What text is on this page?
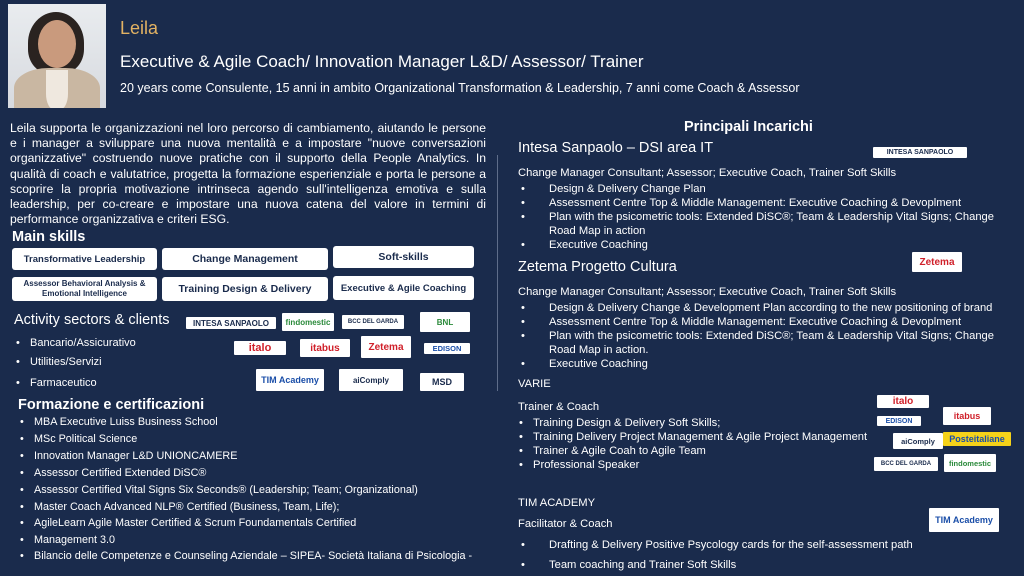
Leila
Executive & Agile Coach/ Innovation Manager L&D/ Assessor/ Trainer
20 years come Consulente, 15 anni in ambito Organizational Transformation & Leadership, 7 anni come Coach & Assessor
Leila supporta le organizzazioni nel loro percorso di cambiamento, aiutando le persone e i manager a sviluppare una nuova mentalità e a impostare "nuove conversazioni organizzative" costruendo nuove pratiche con il supporto della People Analytics. In qualità di coach e valutatrice, progetta la formazione esperienziale e porta le persone a scoprire la propria motivazione intrinseca agendo sull'intelligenza emotiva e sulla leadership, per co-creare e impostare una nuova catena del valore in termini di performance organizzativa e criteri ESG.
Main skills
Transformative Leadership	Change Management	Soft-skills
Assessor Behavioral Analysis & Emotional Intelligence	Training Design & Delivery	Executive & Agile Coaching
Activity sectors & clients
• Bancario/Assicurativo
• Utilities/Servizi
• Farmaceutico
INTESA SANPAOLO	findomestic	BCC DEL GARDA	BNL
italo	itabus	Zetema	EDISON
TIM Academy	aiComply	MSD
Formazione e certificazioni
• MBA Executive Luiss Business School
• MSc Political Science
• Innovation Manager L&D UNIONCAMERE
• Assessor Certified Extended DiSC®
• Assessor Certified Vital Signs Six Seconds® (Leadership; Team; Organizational)
• Master Coach Advanced NLP® Certified (Business, Team, Life);
• AgileLearn Agile Master Certified & Scrum Foundamentals Certified
• Management 3.0
• Bilancio delle Competenze e Counseling Aziendale – SIPEA- Società Italiana di Psicologia -
Principali Incarichi
Intesa Sanpaolo – DSI area IT	INTESA SANPAOLO
Change Manager Consultant; Assessor; Executive Coach, Trainer Soft Skills
• Design & Delivery Change Plan
• Assessment Centre Top & Middle Management: Executive Coaching & Devoplment
• Plan with the psicometric tools: Extended DiSC®; Team & Leadership Vital Signs; Change
Road Map in action
• Executive Coaching
Zetema Progetto Cultura	Zetema
Change Manager Consultant; Assessor; Executive Coach, Trainer Soft Skills
• Design & Delivery Change & Development Plan according to the new positioning of brand
• Assessment Centre Top & Middle Management: Executive Coaching & Devoplment
• Plan with the psicometric tools: Extended DiSC®; Team & Leadership Vital Signs; Change
Road Map in action.
• Executive Coaching
VARIE
Trainer & Coach
• Training Design & Delivery Soft Skills;
• Training Delivery Project Management & Agile Project Management
• Trainer & Agile Coah to Agile Team
• Professional Speaker
italo
itabus
EDISON
aiComply	Posteitaliane
BCC DEL GARDA	findomestic
TIM ACADEMY
Facilitator & Coach	TIM Academy
• Drafting & Delivery Positive Psycology cards for the self-assessment path
• Team coaching and Trainer Soft Skills
